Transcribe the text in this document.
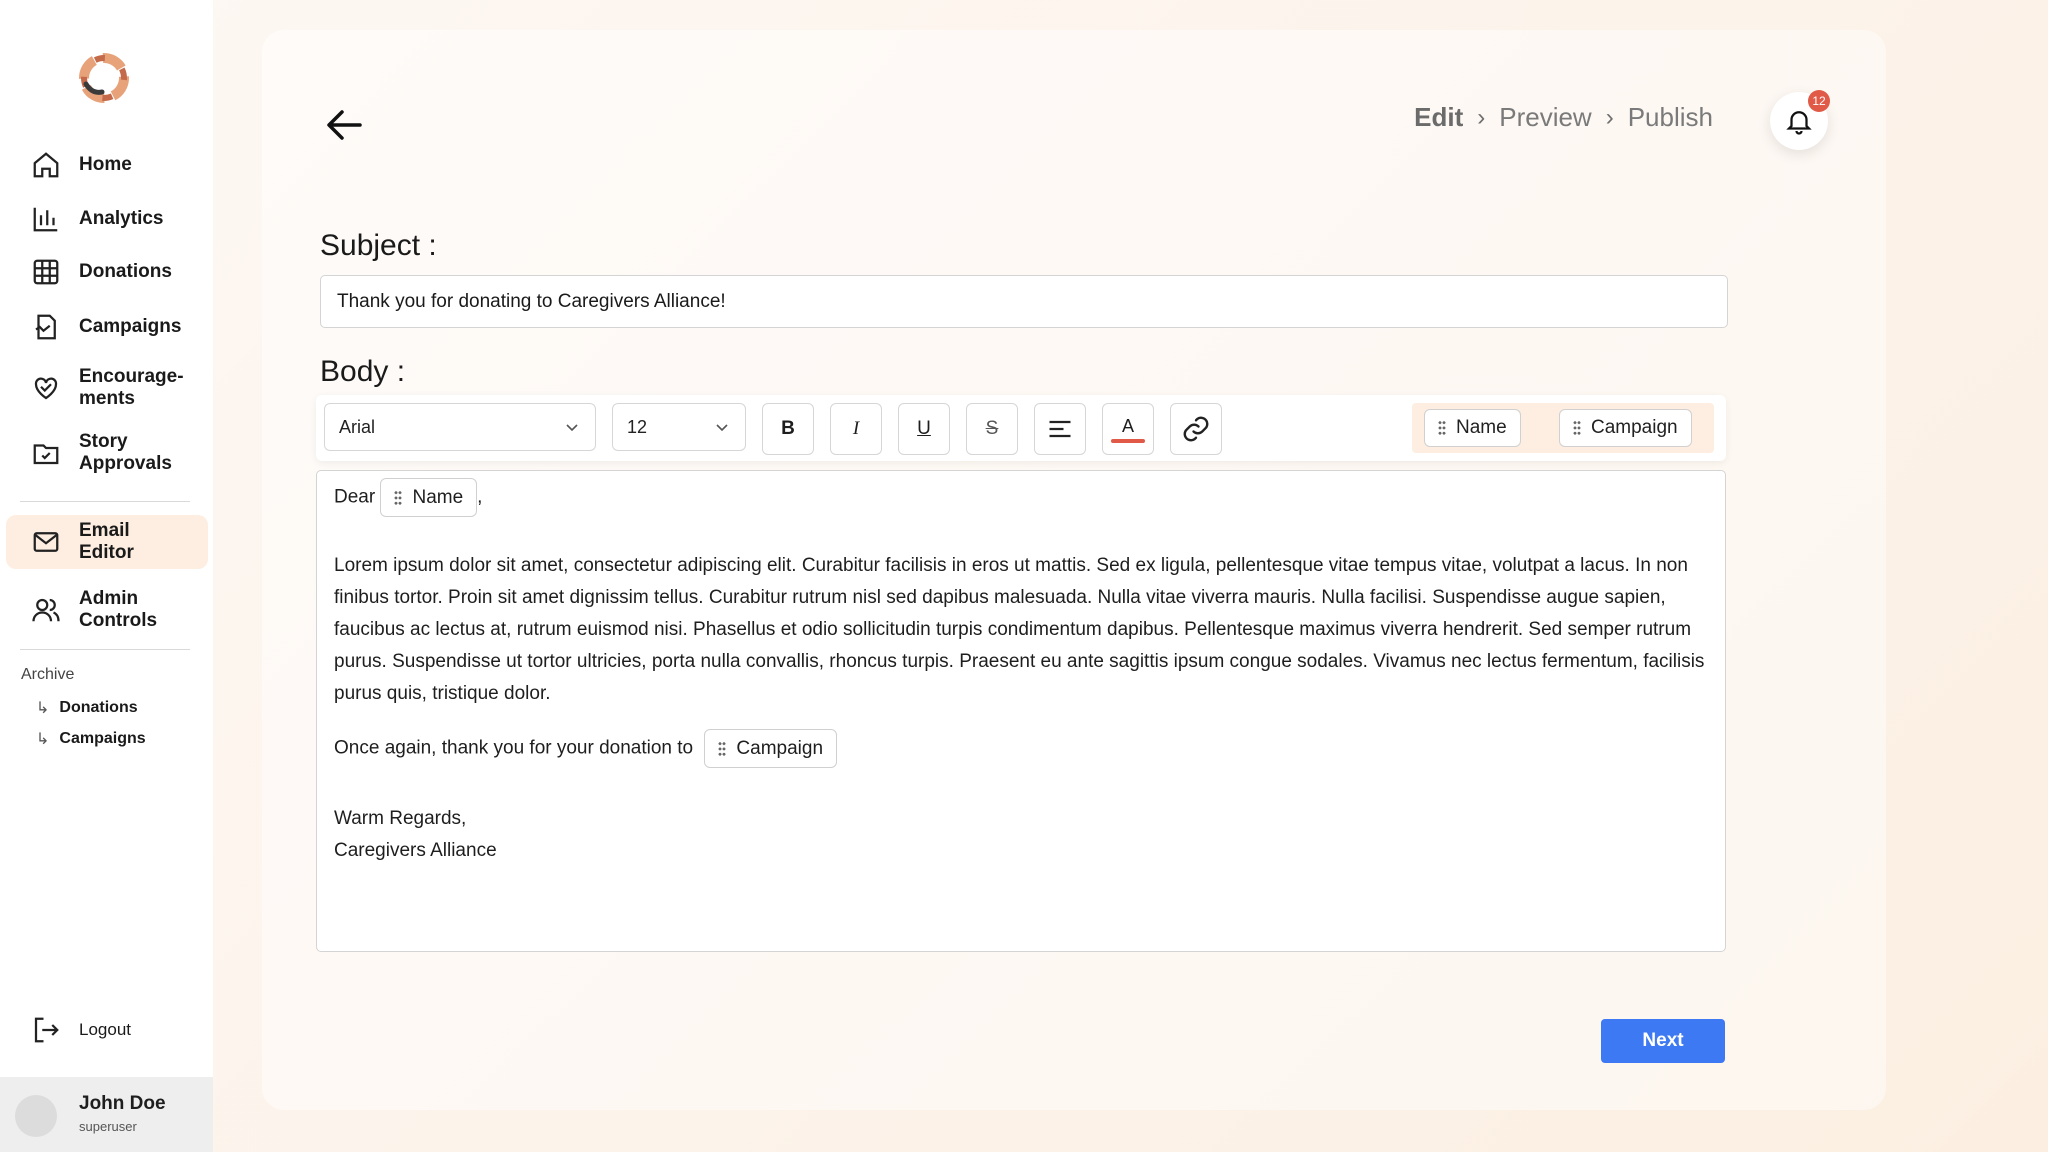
Home
Analytics
Donations
Campaigns
Encourage-
ments
Story
Approvals
Email
Editor
Admin
Controls
Archive
↳ Donations
↳ Campaigns
Logout
John Doe
superuser
Edit › Preview › Publish
12
Subject :
Thank you for donating to Caregivers Alliance!
Body :
Arial	12	B	I	U	S	A	Name	Campaign
Dear Name ,
Lorem ipsum dolor sit amet, consectetur adipiscing elit. Curabitur facilisis in eros ut mattis. Sed ex ligula, pellentesque vitae tempus vitae, volutpat a lacus. In non finibus tortor. Proin sit amet dignissim tellus. Curabitur rutrum nisl sed dapibus malesuada. Nulla vitae viverra mauris. Nulla facilisi. Suspendisse augue sapien, faucibus ac lectus at, rutrum euismod nisi. Phasellus et odio sollicitudin turpis condimentum dapibus. Pellentesque maximus viverra hendrerit. Sed semper rutrum purus. Suspendisse ut tortor ultricies, porta nulla convallis, rhoncus turpis. Praesent eu ante sagittis ipsum congue sodales. Vivamus nec lectus fermentum, facilisis purus quis, tristique dolor.
Once again, thank you for your donation to Campaign
Warm Regards,
Caregivers Alliance
Next
